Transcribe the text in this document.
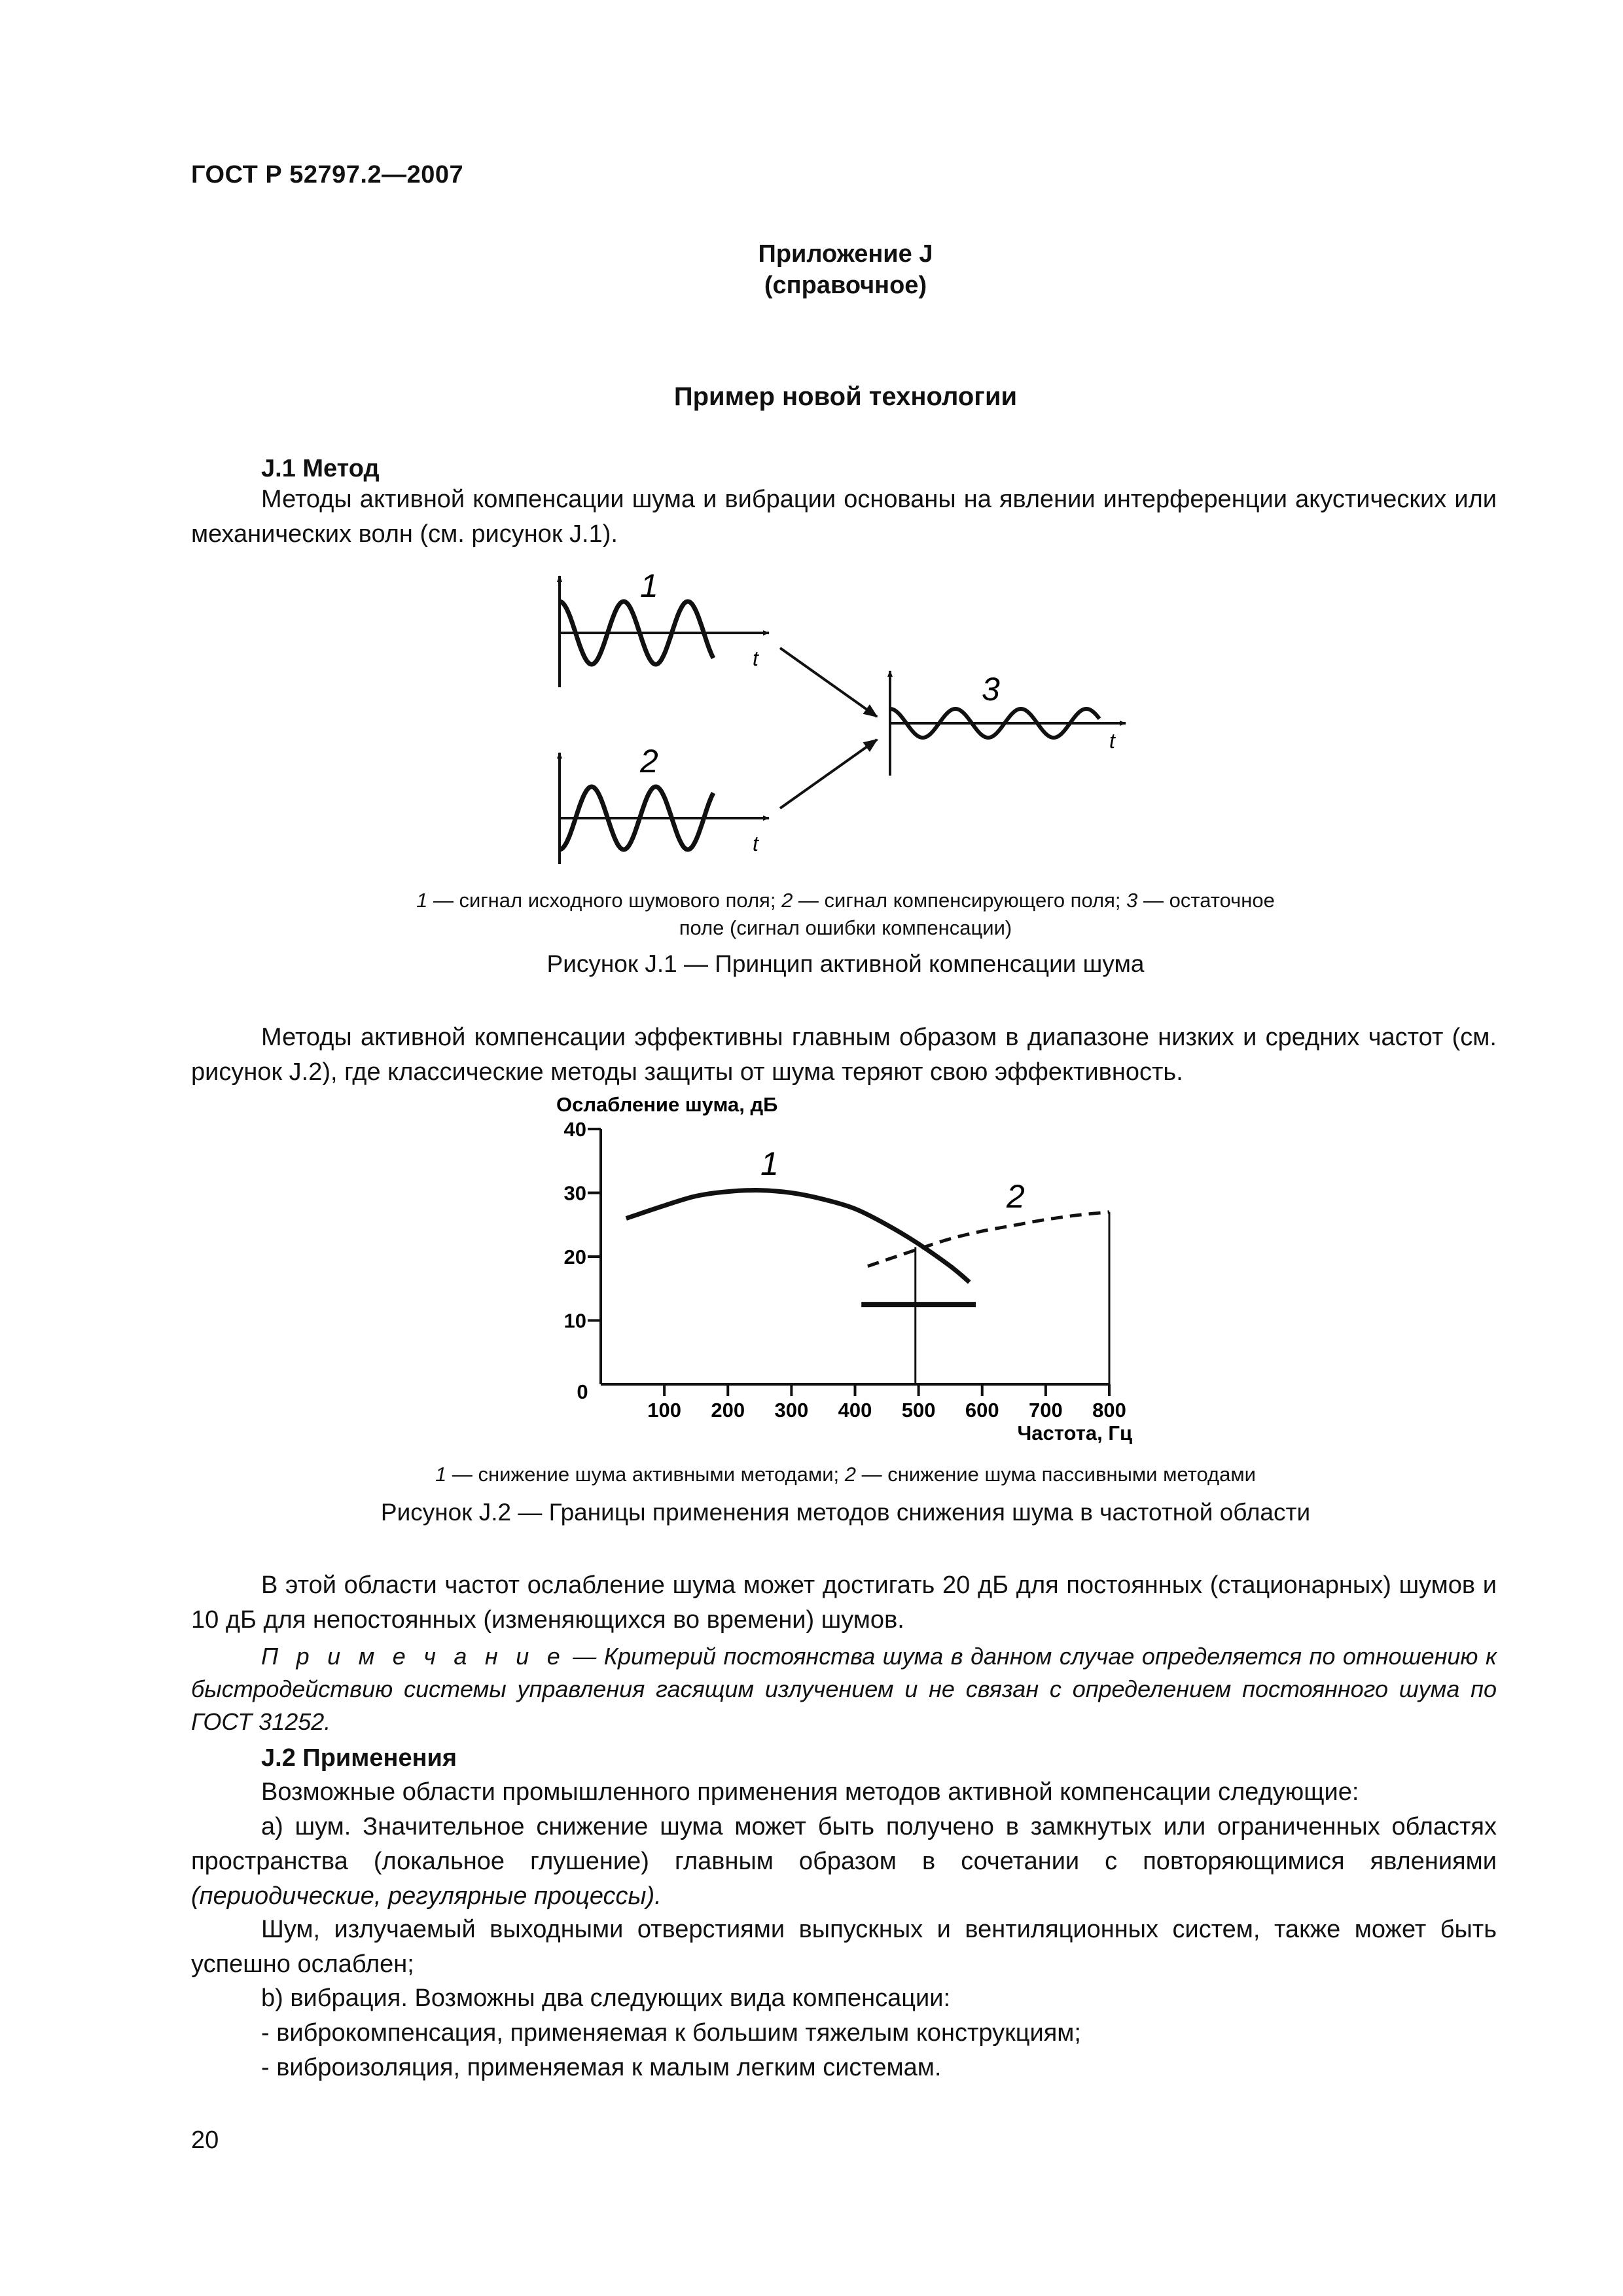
ГОСТ Р 52797.2—2007
Приложение J
(справочное)
Пример новой технологии
J.1 Метод
Методы активной компенсации шума и вибрации основаны на явлении интерференции акустических или механических волн (см. рисунок J.1).
1
t
2
t
3
t
1 — сигнал исходного шумового поля; 2 — сигнал компенсирующего поля; 3 — остаточное
поле (сигнал ошибки компенсации)
Рисунок J.1 — Принцип активной компенсации шума
Методы активной компенсации эффективны главным образом в диапазоне низких и средних частот (см. рисунок J.2), где классические методы защиты от шума теряют свою эффективность.
Ослабление шума, дБ
0
10
20
30
40
100 200 300 400 500 600 700 800
1
2
Частота, Гц
1 — снижение шума активными методами; 2 — снижение шума пассивными методами
Рисунок J.2 — Границы применения методов снижения шума в частотной области
В этой области частот ослабление шума может достигать 20 дБ для постоянных (стационарных) шумов и 10 дБ для непостоянных (изменяющихся во времени) шумов.
П р и м е ч а н и е — Критерий постоянства шума в данном случае определяется по отношению к быстродействию системы управления гасящим излучением и не связан с определением постоянного шума по ГОСТ 31252.
J.2 Применения
Возможные области промышленного применения методов активной компенсации следующие:
а) шум. Значительное снижение шума может быть получено в замкнутых или ограниченных областях пространства (локальное глушение) главным образом в сочетании с повторяющимися явлениями (периодические, регулярные процессы).
Шум, излучаемый выходными отверстиями выпускных и вентиляционных систем, также может быть успешно ослаблен;
b) вибрация. Возможны два следующих вида компенсации:
- виброкомпенсация, применяемая к большим тяжелым конструкциям;
- виброизоляция, применяемая к малым легким системам.
20
